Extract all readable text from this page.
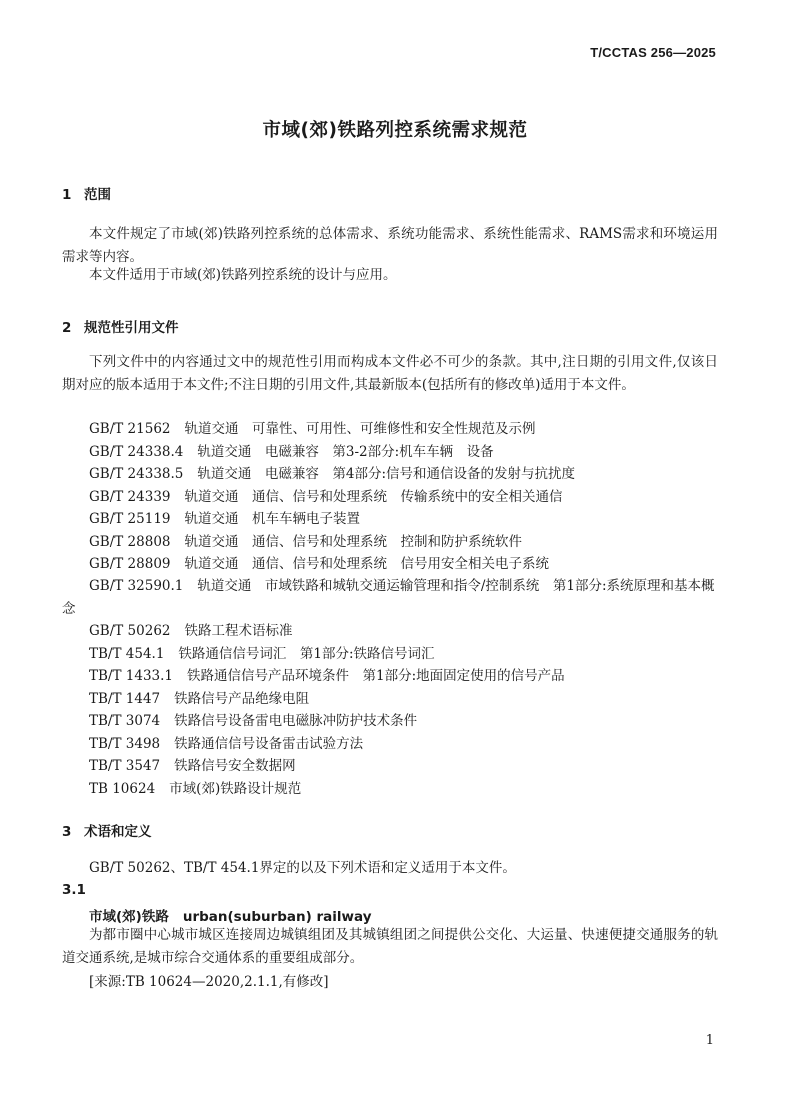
T/CCTAS 256—2025
市域(郊)铁路列控系统需求规范
1 范围
本文件规定了市域(郊)铁路列控系统的总体需求、系统功能需求、系统性能需求、RAMS需求和环境运用需求等内容。
本文件适用于市域(郊)铁路列控系统的设计与应用。
2 规范性引用文件
下列文件中的内容通过文中的规范性引用而构成本文件必不可少的条款。其中,注日期的引用文件,仅该日期对应的版本适用于本文件;不注日期的引用文件,其最新版本(包括所有的修改单)适用于本文件。
GB/T 21562 轨道交通　可靠性、可用性、可维修性和安全性规范及示例
GB/T 24338.4 轨道交通　电磁兼容　第3-2部分:机车车辆　设备
GB/T 24338.5 轨道交通　电磁兼容　第4部分:信号和通信设备的发射与抗扰度
GB/T 24339 轨道交通　通信、信号和处理系统　传输系统中的安全相关通信
GB/T 25119 轨道交通　机车车辆电子装置
GB/T 28808 轨道交通　通信、信号和处理系统　控制和防护系统软件
GB/T 28809 轨道交通　通信、信号和处理系统　信号用安全相关电子系统
GB/T 32590.1 轨道交通　市域铁路和城轨交通运输管理和指令/控制系统　第1部分:系统原理和基本概念
GB/T 50262 铁路工程术语标准
TB/T 454.1 铁路通信信号词汇　第1部分:铁路信号词汇
TB/T 1433.1 铁路通信信号产品环境条件　第1部分:地面固定使用的信号产品
TB/T 1447 铁路信号产品绝缘电阻
TB/T 3074 铁路信号设备雷电电磁脉冲防护技术条件
TB/T 3498 铁路通信信号设备雷击试验方法
TB/T 3547 铁路信号安全数据网
TB 10624 市域(郊)铁路设计规范
3 术语和定义
GB/T 50262、TB/T 454.1界定的以及下列术语和定义适用于本文件。
3.1
市域(郊)铁路 urban(suburban) railway
为都市圈中心城市城区连接周边城镇组团及其城镇组团之间提供公交化、大运量、快速便捷交通服务的轨道交通系统,是城市综合交通体系的重要组成部分。
[来源:TB 10624—2020,2.1.1,有修改]
1
